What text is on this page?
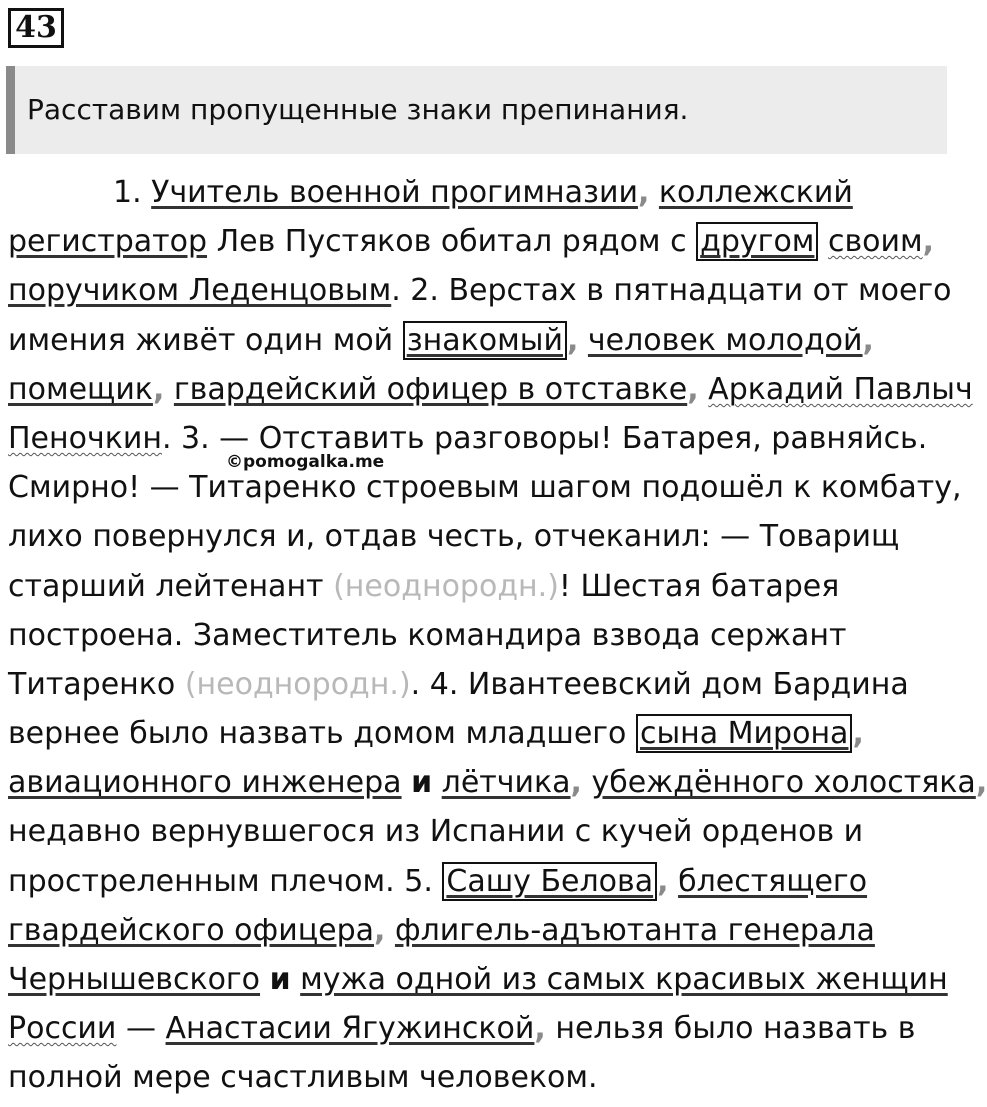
43
Расставим пропущенные знаки препинания.
©pomogalka.me
1. Учитель военной прогимназии, коллежский
регистратор Лев Пустяков обитал рядом с другом своим,
поручиком Леденцовым. 2. Верстах в пятнадцати от моего
имения живёт один мой знакомый , человек молодой,
помещик, гвардейский офицер в отставке, Аркадий Павлыч
Пеночкин. 3. — Отставить разговоры! Батарея, равняйсь.
Смирно! — Титаренко строевым шагом подошёл к комбату,
лихо повернулся и, отдав честь, отчеканил: — Товарищ
старший лейтенант (неоднородн.)! Шестая батарея
построена. Заместитель командира взвода сержант
Титаренко (неоднородн.). 4. Ивантеевский дом Бардина
вернее было назвать домом младшего сына Мирона ,
авиационного инженера и лётчика, убеждённого холостяка,
недавно вернувшегося из Испании с кучей орденов и
простреленным плечом. 5. Сашу Белова , блестящего
гвардейского офицера, флигель-адъютанта генерала
Чернышевского и мужа одной из самых красивых женщин
России — Анастасии Ягужинской, нельзя было назвать в
полной мере счастливым человеком.
